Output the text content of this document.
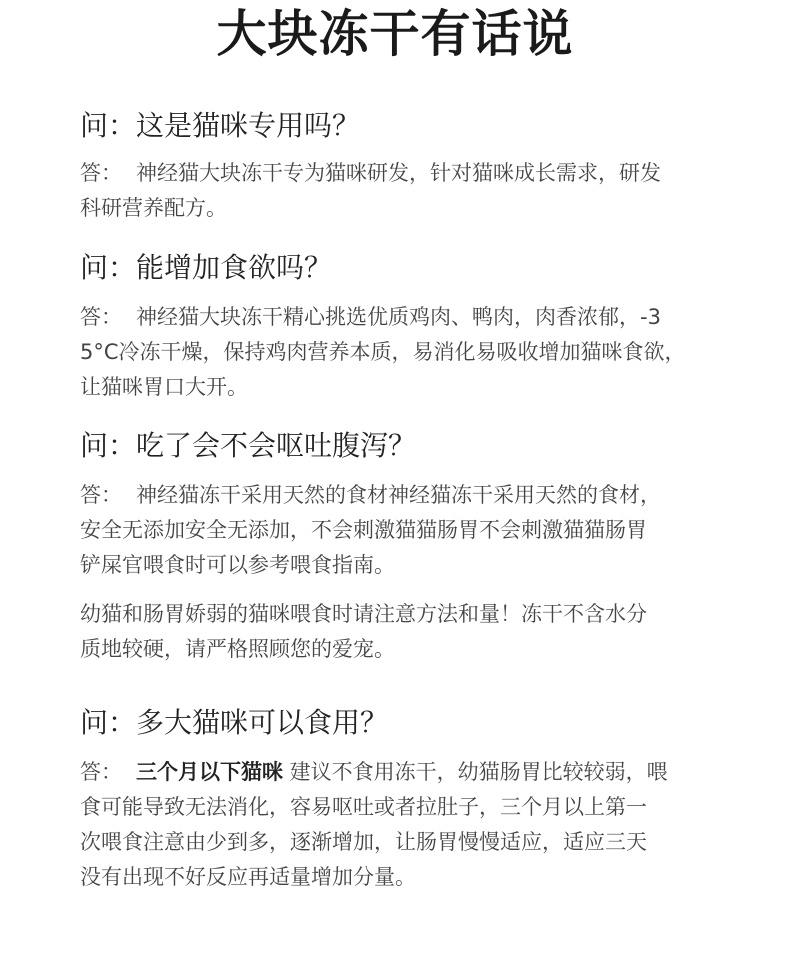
大块冻干有话说
问：这是猫咪专用吗？
答： 神经猫大块冻干专为猫咪研发，针对猫咪成长需求，研发
科研营养配方。
问：能增加食欲吗？
答： 神经猫大块冻干精心挑选优质鸡肉、鸭肉，肉香浓郁，-3
5°C冷冻干燥，保持鸡肉营养本质，易消化易吸收增加猫咪食欲，
让猫咪胃口大开。
问：吃了会不会呕吐腹泻？
答： 神经猫冻干采用天然的食材神经猫冻干采用天然的食材，
安全无添加安全无添加，不会刺激猫猫肠胃不会刺激猫猫肠胃
铲屎官喂食时可以参考喂食指南。
幼猫和肠胃娇弱的猫咪喂食时请注意方法和量！冻干不含水分
质地较硬，请严格照顾您的爱宠。
问：多大猫咪可以食用？
答： 三个月以下猫咪 建议不食用冻干，幼猫肠胃比较较弱，喂
食可能导致无法消化，容易呕吐或者拉肚子，三个月以上第一
次喂食注意由少到多，逐渐增加，让肠胃慢慢适应，适应三天
没有出现不好反应再适量增加分量。
